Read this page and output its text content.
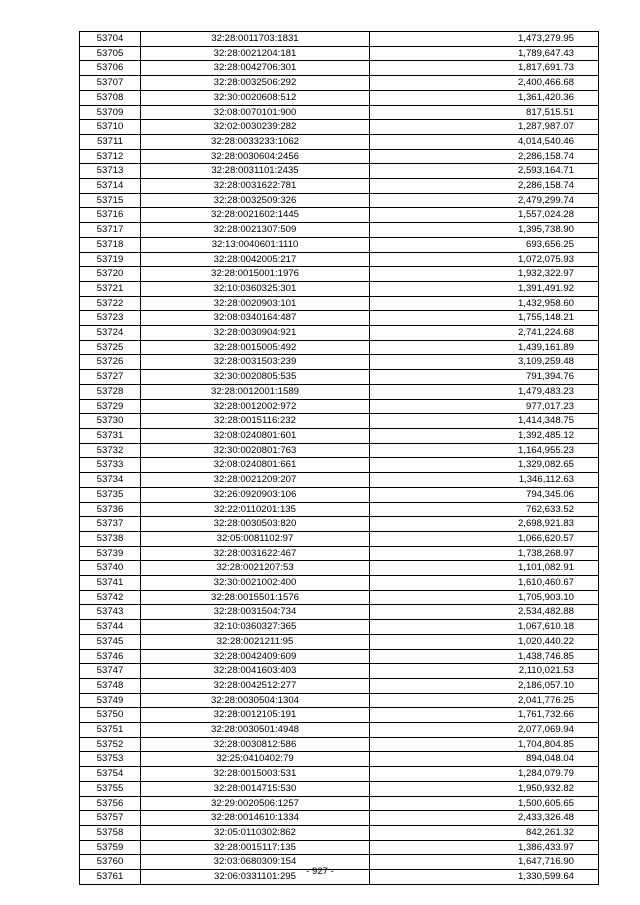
53704	32:28:0011703:1831	1,473,279.95
53705	32:28:0021204:181	1,789,647.43
53706	32:28:0042706:301	1,817,691.73
53707	32:28:0032506:292	2,400,466.68
53708	32:30:0020608:512	1,361,420.36
53709	32:08:0070101:900	817,515.51
53710	32:02:0030239:282	1,287,987.07
53711	32:28:0033233:1062	4,014,540.46
53712	32:28:0030604:2456	2,286,158.74
53713	32:28:0031101:2435	2,593,164.71
53714	32:28:0031622:781	2,286,158.74
53715	32:28:0032509:326	2,479,299.74
53716	32:28:0021602:1445	1,557,024.28
53717	32:28:0021307:509	1,395,738.90
53718	32:13:0040601:1110	693,656.25
53719	32:28:0042005:217	1,072,075.93
53720	32:28:0015001:1976	1,932,322.97
53721	32:10:0360325:301	1,391,491.92
53722	32:28:0020903:101	1,432,958.60
53723	32:08:0340164:487	1,755,148.21
53724	32:28:0030904:921	2,741,224.68
53725	32:28:0015005:492	1,439,161.89
53726	32:28:0031503:239	3,109,259.48
53727	32:30:0020805:535	791,394.76
53728	32:28:0012001:1589	1,479,483.23
53729	32:28:0012002:972	977,017.23
53730	32:28:0015116:232	1,414,348.75
53731	32:08:0240801:601	1,392,485.12
53732	32:30:0020801:763	1,164,955.23
53733	32:08:0240801:661	1,329,082.65
53734	32:28:0021209:207	1,346,112.63
53735	32:26:0920903:106	794,345.06
53736	32:22:0110201:135	762,633.52
53737	32:28:0030503:820	2,698,921.83
53738	32:05:0081102:97	1,066,620.57
53739	32:28:0031622:467	1,738,268.97
53740	32:28:0021207:53	1,101,082.91
53741	32:30:0021002:400	1,610,460.67
53742	32:28:0015501:1576	1,705,903.10
53743	32:28:0031504:734	2,534,482.88
53744	32:10:0360327:365	1,067,610.18
53745	32:28:0021211:95	1,020,440.22
53746	32:28:0042409:609	1,438,746.85
53747	32:28:0041603:403	2,110,021.53
53748	32:28:0042512:277	2,186,057.10
53749	32:28:0030504:1304	2,041,776.25
53750	32:28:0012105:191	1,761,732.66
53751	32:28:0030501:4948	2,077,069.94
53752	32:28:0030812:586	1,704,804.85
53753	32:25:0410402:79	894,048.04
53754	32:28:0015003:531	1,284,079.79
53755	32:28:0014715:530	1,950,932.82
53756	32:29:0020506:1257	1,500,605.65
53757	32:28:0014610:1334	2,433,326.48
53758	32:05:0110302:862	842,261.32
53759	32:28:0015117:135	1,386,433.97
53760	32:03:0680309:154	1,647,716.90
53761	32:06:0331101:295	1,330,599.64
- 927 -
